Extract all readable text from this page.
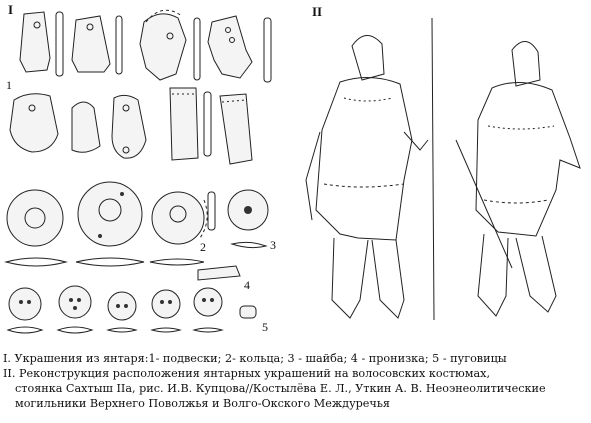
I	II
1
2	3
4
5
I. Украшения из янтаря:1- подвески; 2- кольца; 3 - шайба; 4 - пронизка; 5 - пуговицы
II. Реконструкция расположения янтарных украшений на волосовских костюмах,
стоянка Сахтыш IIа, рис. И.В. Купцова//Костылёва Е. Л., Уткин А. В. Неоэнеолитические
могильники Верхнего Поволжья и Волго-Окского Междуречья
